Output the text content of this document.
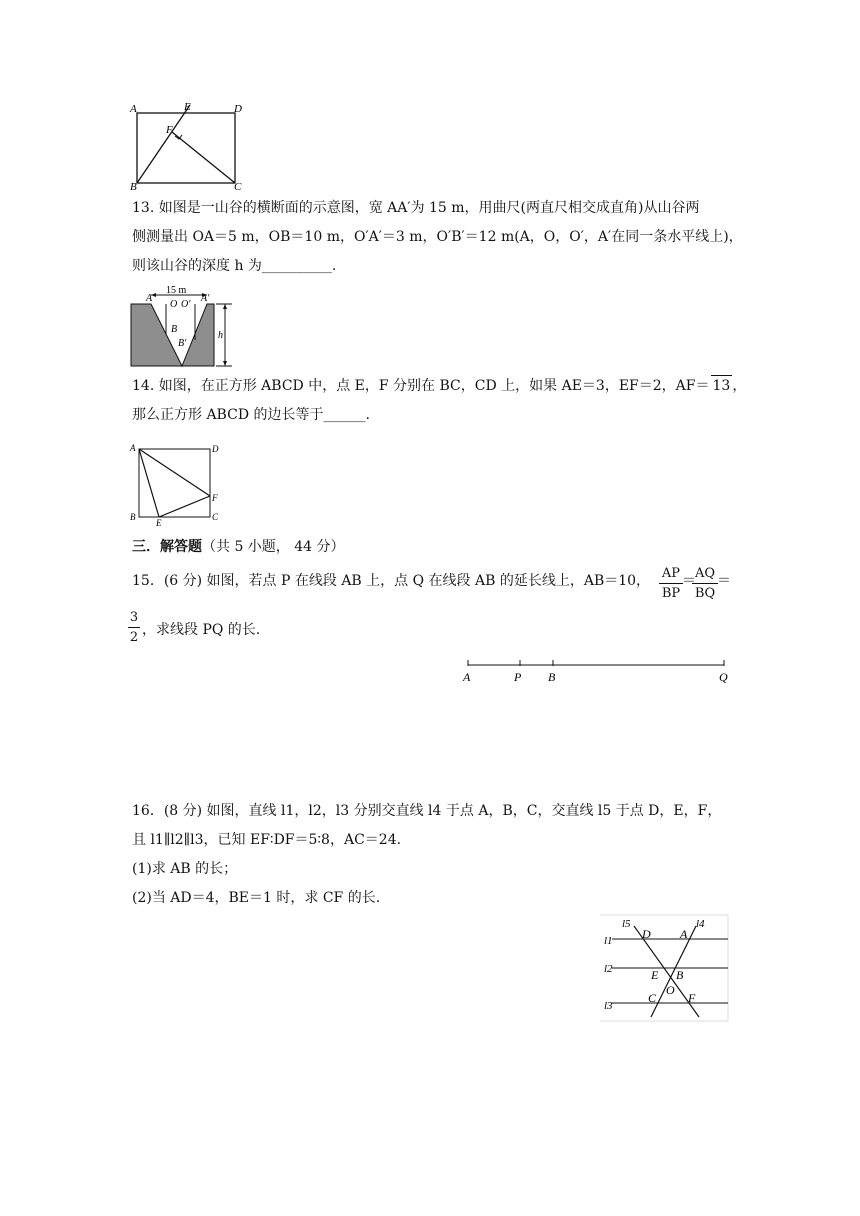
A	E	D
F
B	C
13. 如图是一山谷的横断面的示意图，宽 AA′为 15 m，用曲尺(两直尺相交成直角)从山谷两
侧测量出 OA＝5 m，OB＝10 m，O′A′＝3 m，O′B′＝12 m(A，O，O′，A′在同一条水平线上)，
则该山谷的深度 h 为__________.
15 m
A
O O′
A′
B
B′
h
14. 如图，在正方形 ABCD 中，点 E，F 分别在 BC，CD 上，如果 AE＝3，EF＝2，AF＝ 13 ，
那么正方形 ABCD 的边长等于______.
A	D
F
B
E
C
三．解答题（共 5 小题， 44 分）
15．(6 分) 如图，若点 P 在线段 AB 上，点 Q 在线段 AB 的延长线上，AB＝10， AP
BP
＝
AQ
BQ
＝
3
2 ，求线段 PQ 的长.
A	P B	Q
16．(8 分) 如图，直线 l1，l2，l3 分别交直线 l4 于点 A，B，C，交直线 l5 于点 D，E，F，
且 l1∥l2∥l3，已知 EF∶DF＝5∶8，AC＝24.
(1)求 AB 的长；
(2)当 AD＝4，BE＝1 时，求 CF 的长.
l5	l4
l1 D A
l2	E B
O
C	F
l3
